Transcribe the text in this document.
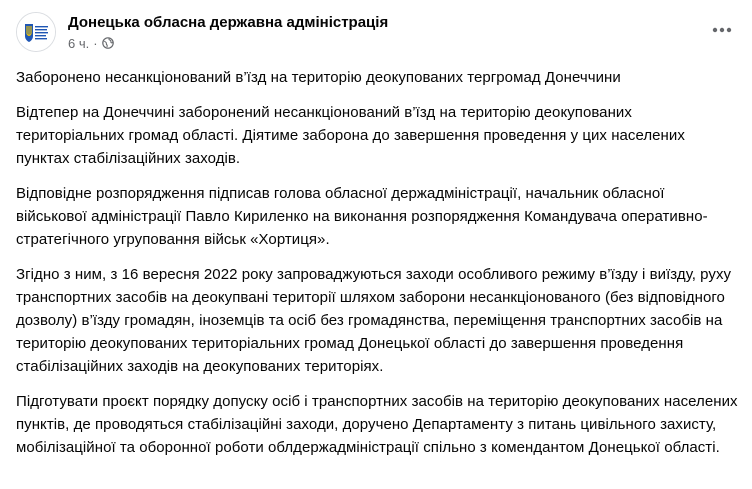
Донецька обласна державна адміністрація
6 ч. ·

Заборонено несанкціонований в’їзд на територію деокупованих тергромад Донеччини

Відтепер на Донеччині заборонений несанкціонований в’їзд на територію деокупованих територіальних громад області. Діятиме заборона до завершення проведення у цих населених пунктах стабілізаційних заходів.

Відповідне розпорядження підписав голова обласної держадміністрації, начальник обласної військової адміністрації Павло Кириленко на виконання розпорядження Командувача оперативно-стратегічного угруповання військ «Хортиця».

Згідно з ним, з 16 вересня 2022 року запроваджуються заходи особливого режиму в’їзду і виїзду, руху транспортних засобів на деокупвані території шляхом заборони несанкціонованого (без відповідного дозволу) в’їзду громадян, іноземців та осіб без громадянства, переміщення транспортних засобів на територію деокупованих територіальних громад Донецької області до завершення проведення стабілізаційних заходів на деокупованих територіях.

Підготувати проєкт порядку допуску осіб і транспортних засобів на територію деокупованих населених пунктів, де проводяться стабілізаційні заходи, доручено Департаменту з питань цивільного захисту, мобілізаційної та оборонної роботи облдержадміністрації спільно з комендантом Донецької області.
